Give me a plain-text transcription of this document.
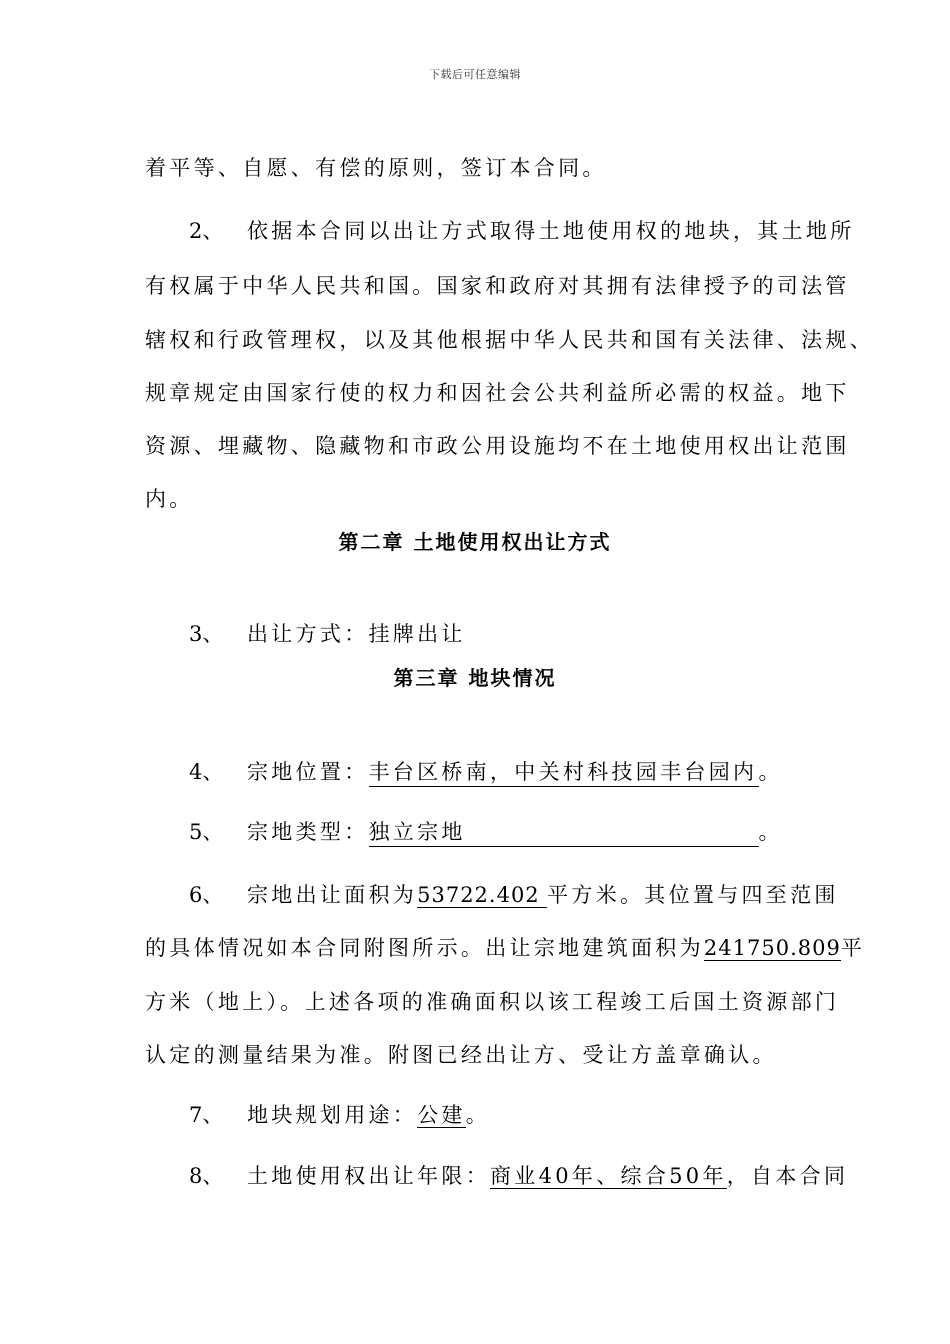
下载后可任意编辑
着平等、自愿、有偿的原则，签订本合同。
2、 依据本合同以出让方式取得土地使用权的地块，其土地所
有权属于中华人民共和国。国家和政府对其拥有法律授予的司法管
辖权和行政管理权，以及其他根据中华人民共和国有关法律、法规、
规章规定由国家行使的权力和因社会公共利益所必需的权益。地下
资源、埋藏物、隐藏物和市政公用设施均不在土地使用权出让范围
内。
第二章 土地使用权出让方式
3、 出让方式：挂牌出让
第三章 地块情况
4、 宗地位置：丰台区桥南，中关村科技园丰台园内。
5、 宗地类型：独立宗地	。
6、 宗地出让面积为53722.402 平方米。其位置与四至范围
的具体情况如本合同附图所示。出让宗地建筑面积为241750.809平
方米（地上）。上述各项的准确面积以该工程竣工后国土资源部门
认定的测量结果为准。附图已经出让方、受让方盖章确认。
7、 地块规划用途：公建。
8、 土地使用权出让年限：商业40年、综合50年，自本合同
